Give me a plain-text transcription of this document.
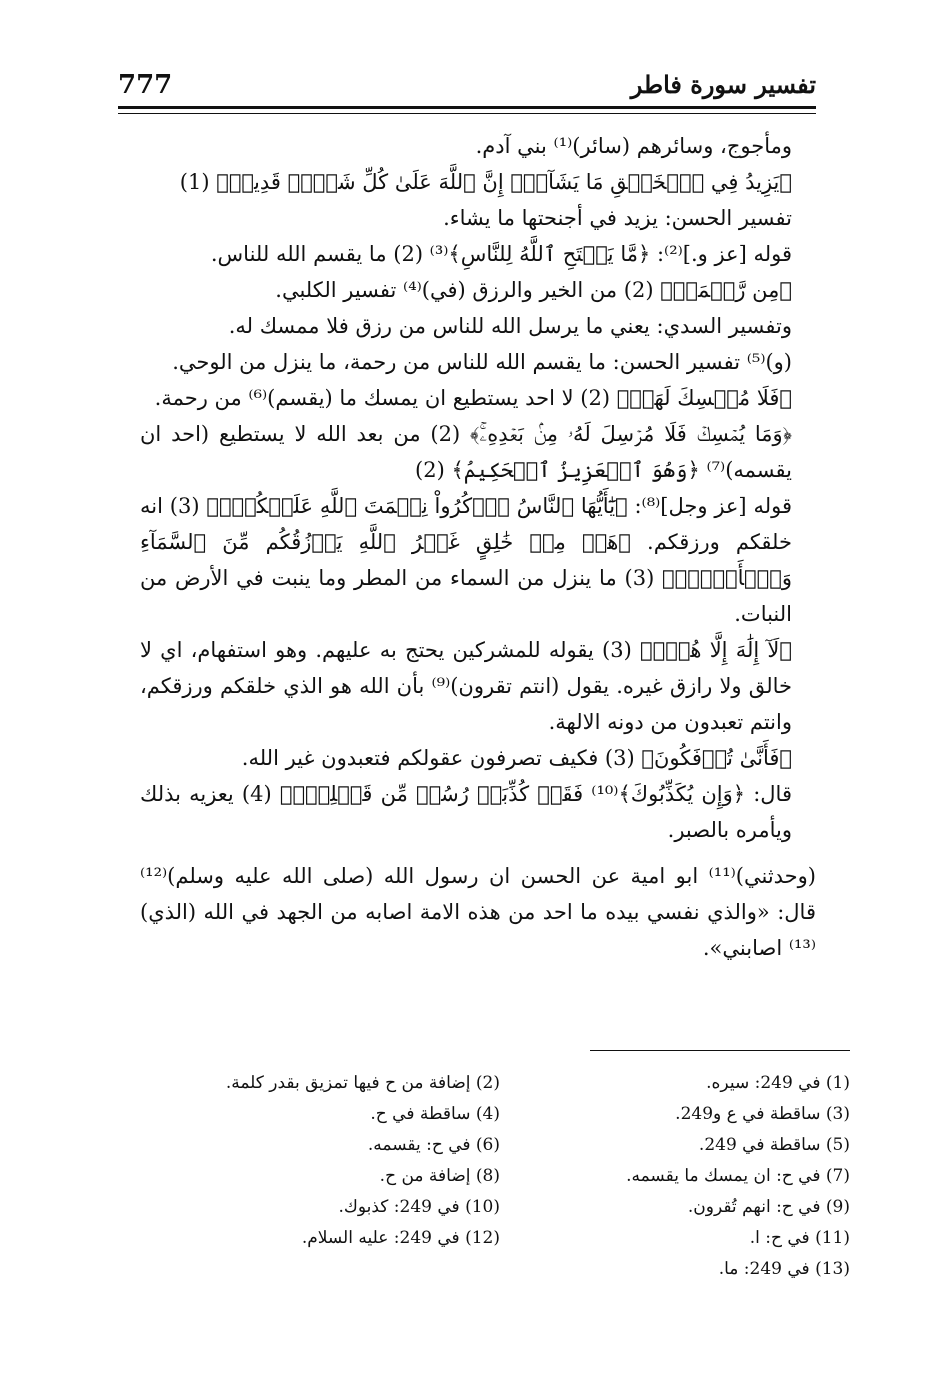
777	تفسير سورة فاطر

ومأجوج، وسائرهم (سائر)⁽¹⁾ بني آدم.

﴿يَزِيدُ فِي ٱلۡخَلۡقِ مَا يَشَآءُۚ إِنَّ ٱللَّهَ عَلَىٰ كُلِّ شَيۡءٖ قَدِيرٞ﴾ (1)

تفسير الحسن: يزيد في أجنحتها ما يشاء.

قوله [عز و.]⁽²⁾: ﴿مَّا يَفۡتَحِ ٱللَّهُ لِلنَّاسِ﴾⁽³⁾ (2) ما يقسم الله للناس.

﴿مِن رَّحۡمَةٖ﴾ (2) من الخير والرزق (في)⁽⁴⁾ تفسير الكلبي.

وتفسير السدي: يعني ما يرسل الله للناس من رزق فلا ممسك له.

(و)⁽⁵⁾ تفسير الحسن: ما يقسم الله للناس من رحمة، ما ينزل من الوحي.

﴿فَلَا مُمۡسِكَ لَهَاۖ﴾ (2) لا احد يستطيع ان يمسك ما (يقسم)⁽⁶⁾ من رحمة.

﴿وَمَا يُمۡسِكۡ فَلَا مُرۡسِلَ لَهُۥ مِنۢ بَعۡدِهِۦۚ﴾ (2) من بعد الله لا يستطيع (احد ان يقسمه)⁽⁷⁾ ﴿وَهُوَ ٱلۡعَزِيزُ ٱلۡحَكِيمُ﴾ (2)

قوله [عز وجل]⁽⁸⁾: ﴿يَٰٓأَيُّهَا ٱلنَّاسُ ٱذۡكُرُواْ نِعۡمَتَ ٱللَّهِ عَلَيۡكُمۡۚ﴾ (3) انه خلقكم ورزقكم. ﴿هَلۡ مِنۡ خَٰلِقٍ غَيۡرُ ٱللَّهِ يَرۡزُقُكُم مِّنَ ٱلسَّمَآءِ وَٱلۡأَرۡضِۚ﴾ (3) ما ينزل من السماء من المطر وما ينبت في الأرض من النبات.

﴿لَآ إِلَٰهَ إِلَّا هُوَۖ﴾ (3) يقوله للمشركين يحتج به عليهم. وهو استفهام، اي لا خالق ولا رازق غيره. يقول (انتم تقرون)⁽⁹⁾ بأن الله هو الذي خلقكم ورزقكم، وانتم تعبدون من دونه الالهة.

﴿فَأَنَّىٰ تُؤۡفَكُونَ﴾ (3) فكيف تصرفون عقولكم فتعبدون غير الله.

قال: ﴿وَإِن يُكَذِّبُوكَ﴾⁽¹⁰⁾ فَقَدۡ كُذِّبَتۡ رُسُلٞ مِّن قَبۡلِكَۚ﴾ (4) يعزيه بذلك ويأمره بالصبر.

(وحدثني)⁽¹¹⁾ ابو امية عن الحسن ان رسول الله (صلى الله عليه وسلم)⁽¹²⁾ قال: «والذي نفسي بيده ما احد من هذه الامة اصابه من الجهد في الله (الذي)⁽¹³⁾ اصابني».

(1) في 249: سيره.
(3) ساقطة في ع و249.
(5) ساقطة في 249.
(7) في ح: ان يمسك ما يقسمه.
(9) في ح: انهم تُقرون.
(11) في ح: ا.
(13) في 249: ما.
(2) إضافة من ح فيها تمزيق بقدر كلمة.
(4) ساقطة في ح.
(6) في ح: يقسمه.
(8) إضافة من ح.
(10) في 249: كذبوك.
(12) في 249: عليه السلام.
